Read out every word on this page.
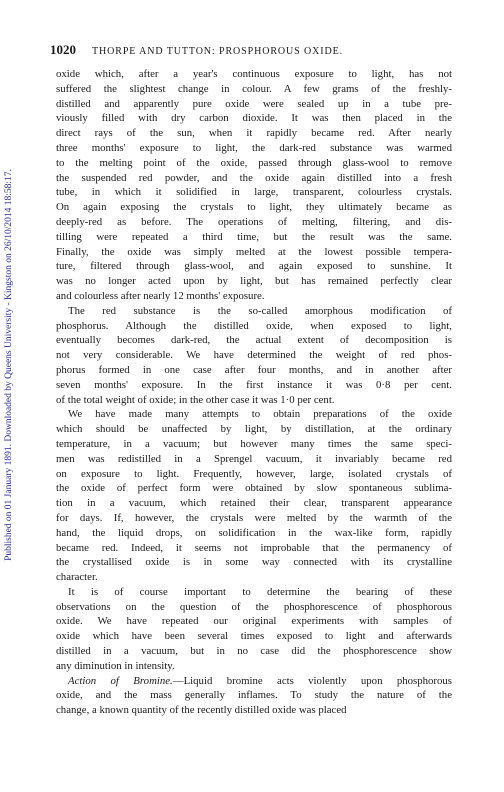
Published on 01 January 1891. Downloaded by Queens University - Kingston on 26/10/2014 18:58:17.
1020 THORPE AND TUTTON: PROSPHOROUS OXIDE.
oxide which, after a year's continuous exposure to light, has not
suffered the slightest change in colour. A few grams of the freshly-
distilled and apparently pure oxide were sealed up in a tube pre-
viously filled with dry carbon dioxide. It was then placed in the
direct rays of the sun, when it rapidly became red. After nearly
three months' exposure to light, the dark-red substance was warmed
to the melting point of the oxide, passed through glass-wool to remove
the suspended red powder, and the oxide again distilled into a fresh
tube, in which it solidified in large, transparent, colourless crystals.
On again exposing the crystals to light, they ultimately became as
deeply-red as before. The operations of melting, filtering, and dis-
tilling were repeated a third time, but the result was the same.
Finally, the oxide was simply melted at the lowest possible tempera-
ture, filtered through glass-wool, and again exposed to sunshine. It
was no longer acted upon by light, but has remained perfectly clear
and colourless after nearly 12 months' exposure.
The red substance is the so-called amorphous modification of
phosphorus. Although the distilled oxide, when exposed to light,
eventually becomes dark-red, the actual extent of decomposition is
not very considerable. We have determined the weight of red phos-
phorus formed in one case after four months, and in another after
seven months' exposure. In the first instance it was 0·8 per cent.
of the total weight of oxide; in the other case it was 1·0 per cent.
We have made many attempts to obtain preparations of the oxide
which should be unaffected by light, by distillation, at the ordinary
temperature, in a vacuum; but however many times the same speci-
men was redistilled in a Sprengel vacuum, it invariably became red
on exposure to light. Frequently, however, large, isolated crystals of
the oxide of perfect form were obtained by slow spontaneous sublima-
tion in a vacuum, which retained their clear, transparent appearance
for days. If, however, the crystals were melted by the warmth of the
hand, the liquid drops, on solidification in the wax-like form, rapidly
became red. Indeed, it seems not improbable that the permanency of
the crystallised oxide is in some way connected with its crystalline
character.
It is of course important to determine the bearing of these
observations on the question of the phosphorescence of phosphorous
oxide. We have repeated our original experiments with samples of
oxide which have been several times exposed to light and afterwards
distilled in a vacuum, but in no case did the phosphorescence show
any diminution in intensity.
Action of Bromine.—Liquid bromine acts violently upon phosphorous
oxide, and the mass generally inflames. To study the nature of the
change, a known quantity of the recently distilled oxide was placed
